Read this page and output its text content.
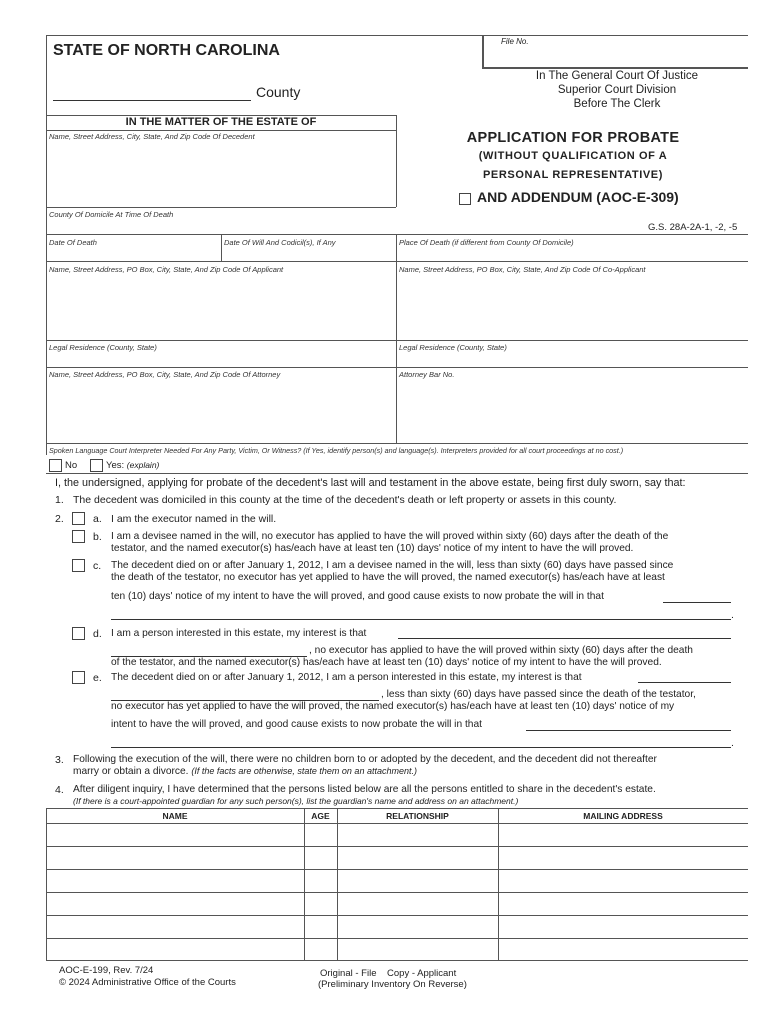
STATE OF NORTH CAROLINA
County
File No.
In The General Court Of Justice
Superior Court Division
Before The Clerk
IN THE MATTER OF THE ESTATE OF
Name, Street Address, City, State, And Zip Code Of Decedent	APPLICATION FOR PROBATE
(WITHOUT QUALIFICATION OF A
PERSONAL REPRESENTATIVE)
AND ADDENDUM (AOC-E-309)
G.S. 28A-2A-1, -2, -5
County Of Domicile At Time Of Death
Date Of Death	Date Of Will And Codicil(s), If Any	Place Of Death (if different from County Of Domicile)
Name, Street Address, PO Box, City, State, And Zip Code Of Applicant	Name, Street Address, PO Box, City, State, And Zip Code Of Co-Applicant
Legal Residence (County, State)	Legal Residence (County, State)
Name, Street Address, PO Box, City, State, And Zip Code Of Attorney	Attorney Bar No.
Spoken Language Court Interpreter Needed For Any Party, Victim, Or Witness? (If Yes, identify person(s) and language(s). Interpreters provided for all court proceedings at no cost.)
No	Yes: (explain)
I, the undersigned, applying for probate of the decedent's last will and testament in the above estate, being first duly sworn, say that:
1. The decedent was domiciled in this county at the time of the decedent's death or left property or assets in this county.
2.	a. I am the executor named in the will.
b. I am a devisee named in the will, no executor has applied to have the will proved within sixty (60) days after the death of the
testator, and the named executor(s) has/each have at least ten (10) days' notice of my intent to have the will proved.
c. The decedent died on or after January 1, 2012, I am a devisee named in the will, less than sixty (60) days have passed since
the death of the testator, no executor has yet applied to have the will proved, the named executor(s) has/each have at least
ten (10) days' notice of my intent to have the will proved, and good cause exists to now probate the will in that
.
d. I am a person interested in this estate, my interest is that
, no executor has applied to have the will proved within sixty (60) days after the death
of the testator, and the named executor(s) has/each have at least ten (10) days' notice of my intent to have the will proved.
e. The decedent died on or after January 1, 2012, I am a person interested in this estate, my interest is that
, less than sixty (60) days have passed since the death of the testator,
no executor has yet applied to have the will proved, the named executor(s) has/each have at least ten (10) days' notice of my
intent to have the will proved, and good cause exists to now probate the will in that
.
3. Following the execution of the will, there were no children born to or adopted by the decedent, and the decedent did not thereafter
marry or obtain a divorce. (If the facts are otherwise, state them on an attachment.)
4. After diligent inquiry, I have determined that the persons listed below are all the persons entitled to share in the decedent's estate.
(If there is a court-appointed guardian for any such person(s), list the guardian's name and address on an attachment.)
NAME	AGE	RELATIONSHIP	MAILING ADDRESS
AOC-E-199, Rev. 7/24
© 2024 Administrative Office of the Courts
Original - File    Copy - Applicant
(Preliminary Inventory On Reverse)
